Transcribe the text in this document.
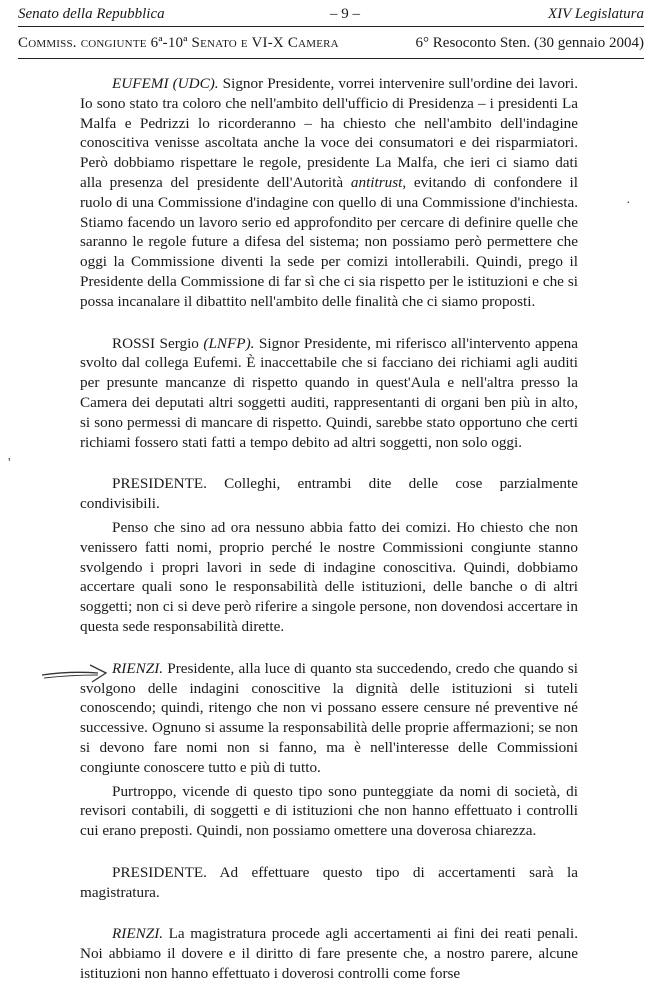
Senato della Repubblica	– 9 –	XIV Legislatura
Commiss. congiunte 6ª-10ª Senato e VI-X Camera	6° Resoconto Sten. (30 gennaio 2004)
·
'

EUFEMI (UDC). Signor Presidente, vorrei intervenire sull'ordine dei lavori. Io sono stato tra coloro che nell'ambito dell'ufficio di Presidenza – i presidenti La Malfa e Pedrizzi lo ricorderanno – ha chiesto che nell'ambito dell'indagine conoscitiva venisse ascoltata anche la voce dei consumatori e dei risparmiatori. Però dobbiamo rispettare le regole, presidente La Malfa, che ieri ci siamo dati alla presenza del presidente dell'Autorità antitrust, evitando di confondere il ruolo di una Commissione d'indagine con quello di una Commissione d'inchiesta. Stiamo facendo un lavoro serio ed approfondito per cercare di definire quelle che saranno le regole future a difesa del sistema; non possiamo però permettere che oggi la Commissione diventi la sede per comizi intollerabili. Quindi, prego il Presidente della Commissione di far sì che ci sia rispetto per le istituzioni e che si possa incanalare il dibattito nell'ambito delle finalità che ci siamo proposti.

ROSSI Sergio (LNFP). Signor Presidente, mi riferisco all'intervento appena svolto dal collega Eufemi. È inaccettabile che si facciano dei richiami agli auditi per presunte mancanze di rispetto quando in quest'Aula e nell'altra presso la Camera dei deputati altri soggetti auditi, rappresentanti di organi ben più in alto, si sono permessi di mancare di rispetto. Quindi, sarebbe stato opportuno che certi richiami fossero stati fatti a tempo debito ad altri soggetti, non solo oggi.

PRESIDENTE. Colleghi, entrambi dite delle cose parzialmente condivisibili.

Penso che sino ad ora nessuno abbia fatto dei comizi. Ho chiesto che non venissero fatti nomi, proprio perché le nostre Commissioni congiunte stanno svolgendo i propri lavori in sede di indagine conoscitiva. Quindi, dobbiamo accertare quali sono le responsabilità delle istituzioni, delle banche o di altri soggetti; non ci si deve però riferire a singole persone, non dovendosi accertare in questa sede responsabilità dirette.

RIENZI. Presidente, alla luce di quanto sta succedendo, credo che quando si svolgono delle indagini conoscitive la dignità delle istituzioni si tuteli conoscendo; quindi, ritengo che non vi possano essere censure né preventive né successive. Ognuno si assume la responsabilità delle proprie affermazioni; se non si devono fare nomi non si fanno, ma è nell'interesse delle Commissioni congiunte conoscere tutto e più di tutto.

Purtroppo, vicende di questo tipo sono punteggiate da nomi di società, di revisori contabili, di soggetti e di istituzioni che non hanno effettuato i controlli cui erano preposti. Quindi, non possiamo omettere una doverosa chiarezza.

PRESIDENTE. Ad effettuare questo tipo di accertamenti sarà la magistratura.

RIENZI. La magistratura procede agli accertamenti ai fini dei reati penali. Noi abbiamo il dovere e il diritto di fare presente che, a nostro parere, alcune istituzioni non hanno effettuato i doverosi controlli come forse
